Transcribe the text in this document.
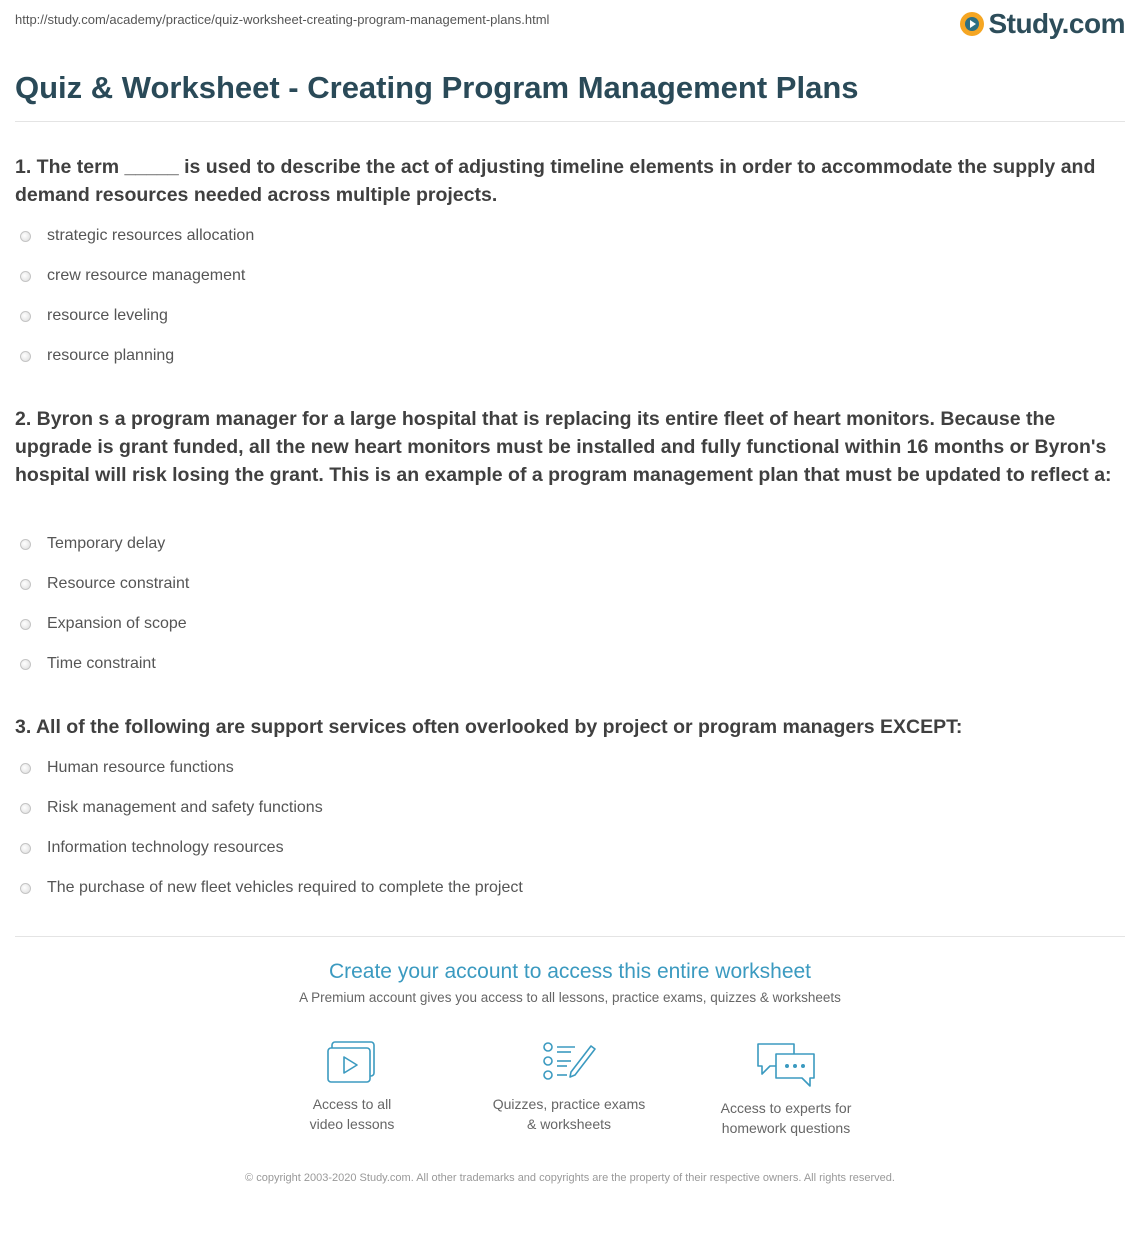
http://study.com/academy/practice/quiz-worksheet-creating-program-management-plans.html	Study.com
Quiz & Worksheet - Creating Program Management Plans
1. The term _____ is used to describe the act of adjusting timeline elements in order to accommodate the supply and demand resources needed across multiple projects.
strategic resources allocation
crew resource management
resource leveling
resource planning
2. Byron s a program manager for a large hospital that is replacing its entire fleet of heart monitors. Because the upgrade is grant funded, all the new heart monitors must be installed and fully functional within 16 months or Byron's hospital will risk losing the grant. This is an example of a program management plan that must be updated to reflect a:
Temporary delay
Resource constraint
Expansion of scope
Time constraint
3. All of the following are support services often overlooked by project or program managers EXCEPT:
Human resource functions
Risk management and safety functions
Information technology resources
The purchase of new fleet vehicles required to complete the project
Create your account to access this entire worksheet
A Premium account gives you access to all lessons, practice exams, quizzes & worksheets
Access to all
video lessons
Quizzes, practice exams
& worksheets
Access to experts for
homework questions
© copyright 2003-2020 Study.com. All other trademarks and copyrights are the property of their respective owners. All rights reserved.
